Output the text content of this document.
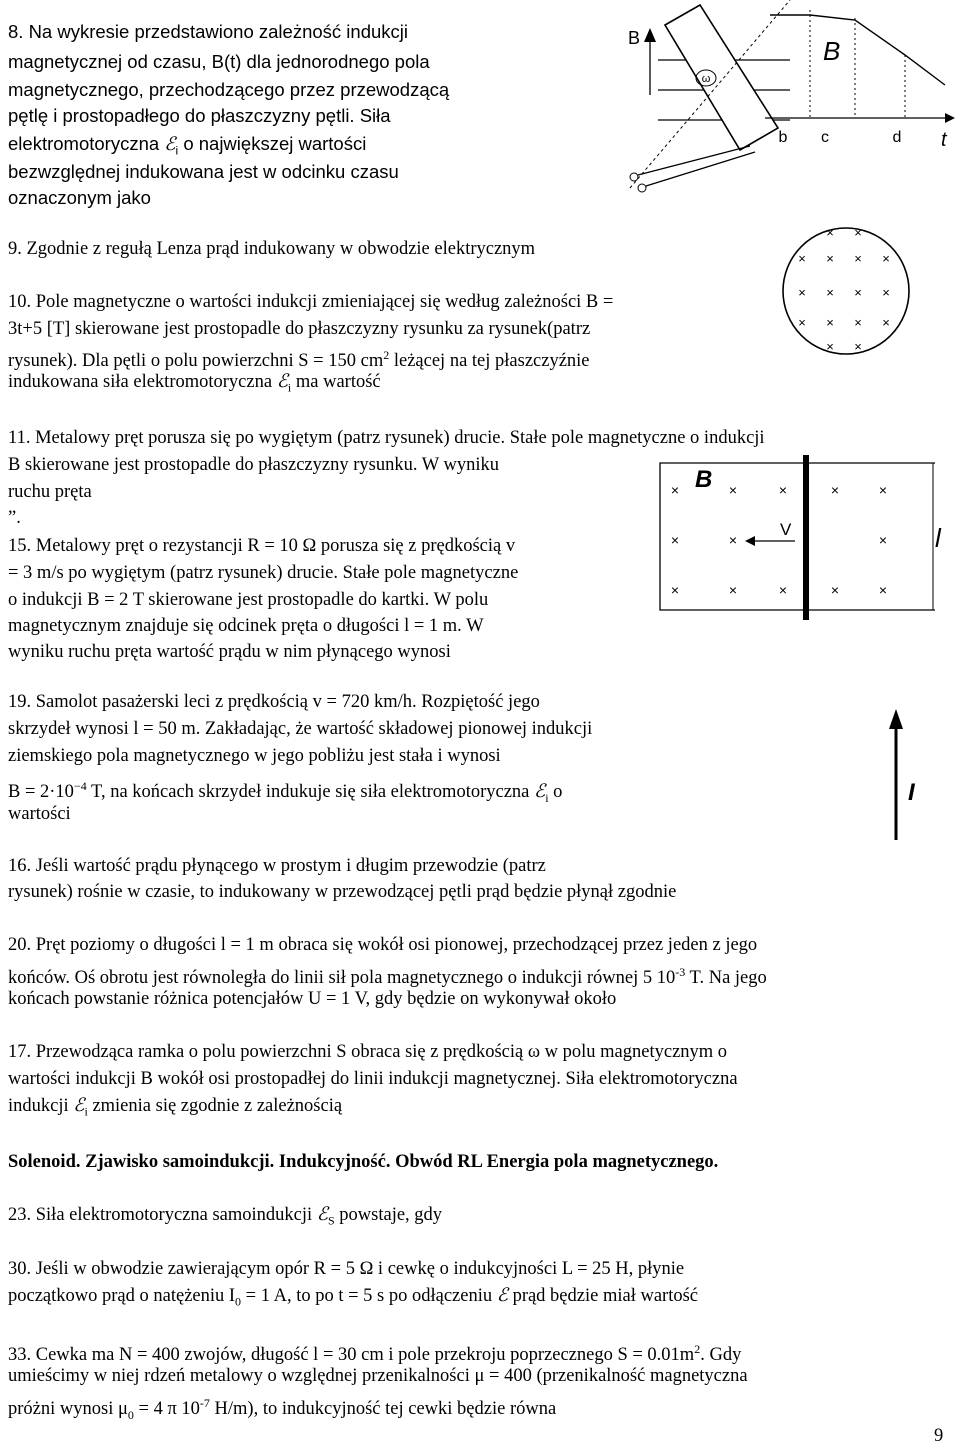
8. Na wykresie przedstawiono zależność indukcji
magnetycznej od czasu, B(t) dla jednorodnego pola
magnetycznego, przechodzącego przez przewodzącą
pętlę i prostopadłego do płaszczyzny pętli. Siła
elektromotoryczna ℰ$_i$ o największej wartości
bezwzględnej indukowana jest w odcinku czasu
oznaczonym jako
ω
B	B
b c	d t
9. Zgodnie z regułą Lenza prąd indukowany w obwodzie elektrycznym
× ×
× × × ×
× × × ×
× × × ×
× ×
10. Pole magnetyczne o wartości indukcji zmieniającej się według zależności B =
3t+5 [T] skierowane jest prostopadle do płaszczyzny rysunku za rysunek(patrz
rysunek). Dla pętli o polu powierzchni S = 150 $cm^2$ leżącej na tej płaszczyźnie
indukowana siła elektromotoryczna ℰ$_i$ ma wartość
11. Metalowy pręt porusza się po wygiętym (patrz rysunek) drucie. Stałe pole magnetyczne o indukcji
B skierowane jest prostopadle do płaszczyzny rysunku. W wyniku
ruchu pręta
”.
×	×	×	×	×
×	×	×
×	×	×	×	×
B
V	l
15. Metalowy pręt o rezystancji R = 10 Ω porusza się z prędkością v
= 3 m/s po wygiętym (patrz rysunek) drucie. Stałe pole magnetyczne
o indukcji B = 2 T skierowane jest prostopadle do kartki. W polu
magnetycznym znajduje się odcinek pręta o długości l = 1 m. W
wyniku ruchu pręta wartość prądu w nim płynącego wynosi
19. Samolot pasażerski leci z prędkością v = 720 km/h. Rozpiętość jego
skrzydeł wynosi l = 50 m. Zakładając, że wartość składowej pionowej indukcji
ziemskiego pola magnetycznego w jego pobliżu jest stała i wynosi
$B = 2\cdot 10^{-4}$ T, na końcach skrzydeł indukuje się siła elektromotoryczna ℰ$_i$ o
wartości
I
16. Jeśli wartość prądu płynącego w prostym i długim przewodzie (patrz
rysunek) rośnie w czasie, to indukowany w przewodzącej pętli prąd będzie płynął zgodnie
20. Pręt poziomy o długości l = 1 m obraca się wokół osi pionowej, przechodzącej przez jeden z jego
końców. Oś obrotu jest równoległa do linii sił pola magnetycznego o indukcji równej 5 $10^{-3}$ T. Na jego
końcach powstanie różnica potencjałów U = 1 V, gdy będzie on wykonywał około
17. Przewodząca ramka o polu powierzchni S obraca się z prędkością ω w polu magnetycznym o
wartości indukcji B wokół osi prostopadłej do linii indukcji magnetycznej. Siła elektromotoryczna
indukcji ℰ$_i$ zmienia się zgodnie z zależnością
Solenoid. Zjawisko samoindukcji. Indukcyjność. Obwód RL Energia pola magnetycznego.
23. Siła elektromotoryczna samoindukcji ℰ$_S$ powstaje, gdy
30. Jeśli w obwodzie zawierającym opór R = 5 Ω i cewkę o indukcyjności L = 25 H, płynie
początkowo prąd o natężeniu $I_0 = 1$ A, to po t = 5 s po odłączeniu ℰ prąd będzie miał wartość
33. Cewka ma N = 400 zwojów, długość l = 30 cm i pole przekroju poprzecznego $S = 0.01m^2$. Gdy
umieścimy w niej rdzeń metalowy o względnej przenikalności μ = 400 (przenikalność magnetyczna
próżni wynosi $\mu_0 = 4$ π $10^{-7}$ H/m), to indukcyjność tej cewki będzie równa
9
